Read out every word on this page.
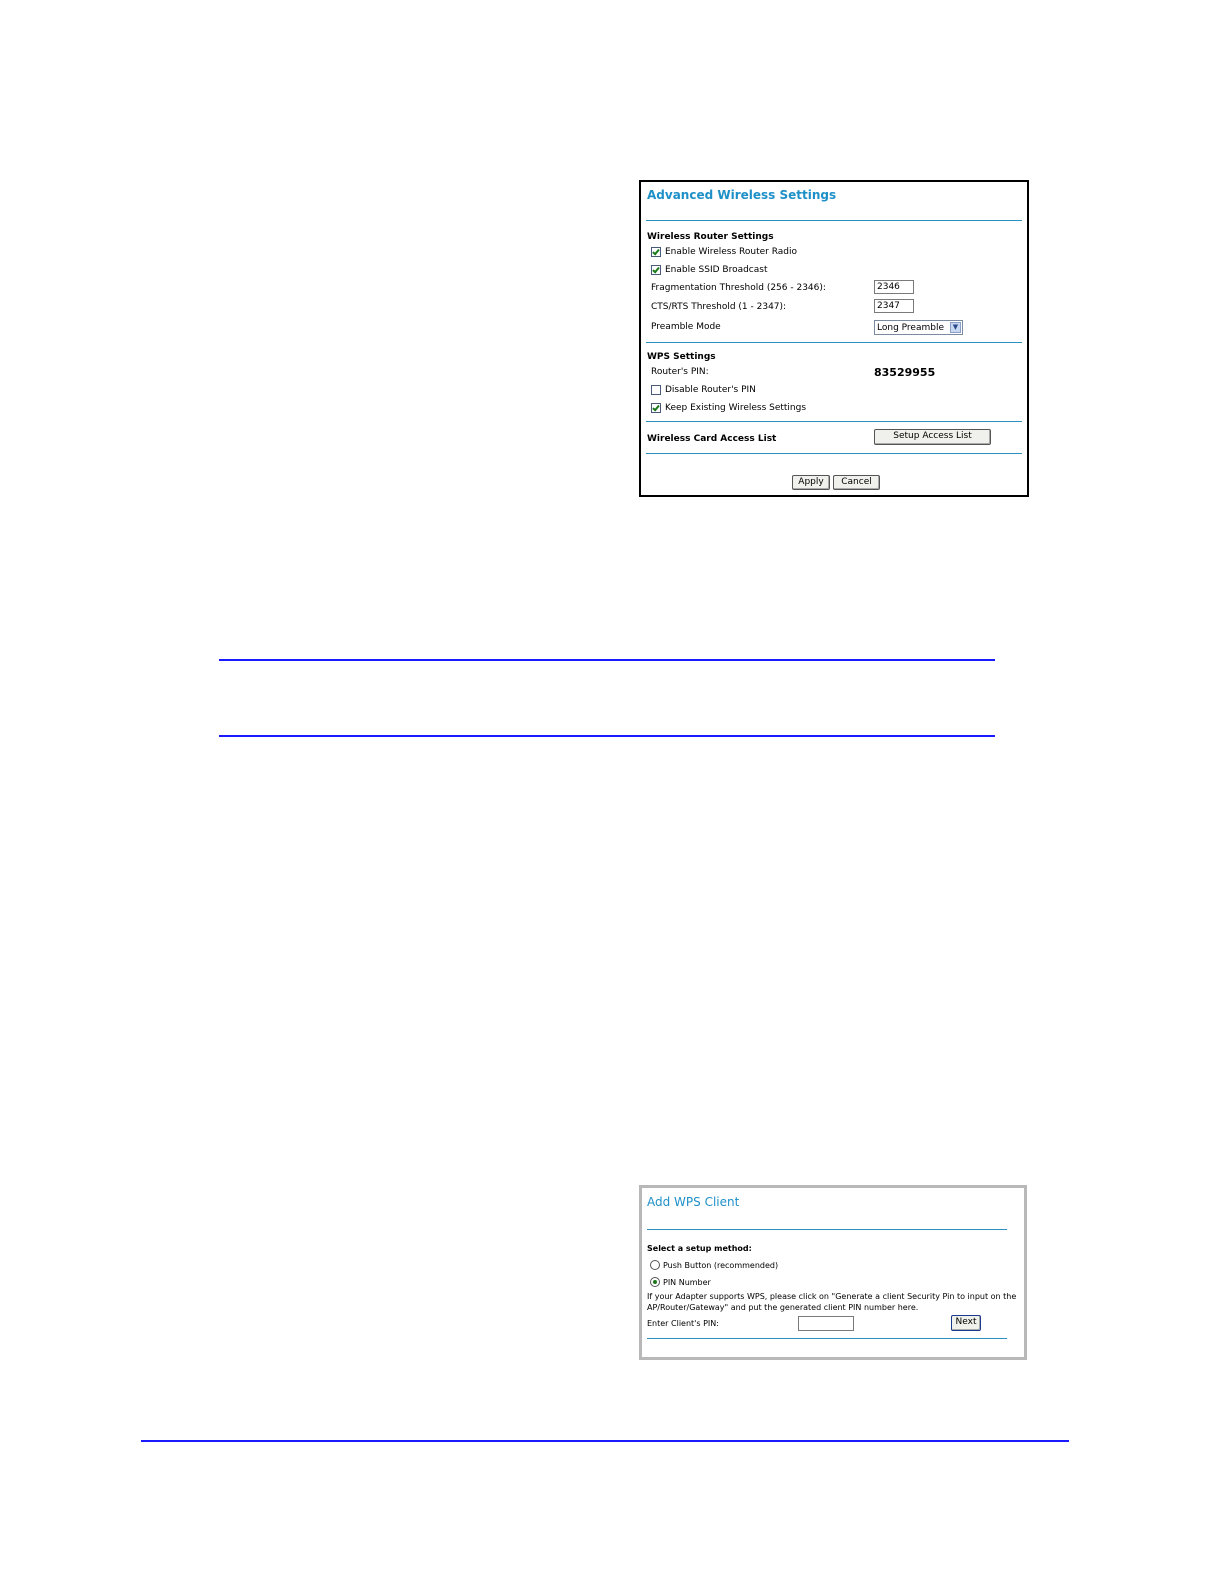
Advanced Wireless Settings
Wireless Router Settings
Enable Wireless Router Radio
Enable SSID Broadcast
Fragmentation Threshold (256 - 2346):	2346
CTS/RTS Threshold (1 - 2347):	2347
Preamble Mode	Long Preamble	▼
WPS Settings
Router's PIN:	83529955
Disable Router's PIN
Keep Existing Wireless Settings
Wireless Card Access List	Setup Access List
Apply	Cancel
Add WPS Client
Select a setup method:
Push Button (recommended)
PIN Number
If your Adapter supports WPS, please click on "Generate a client Security Pin to input on the AP/Router/Gateway" and put the generated client PIN number here.
Enter Client's PIN:	Next
